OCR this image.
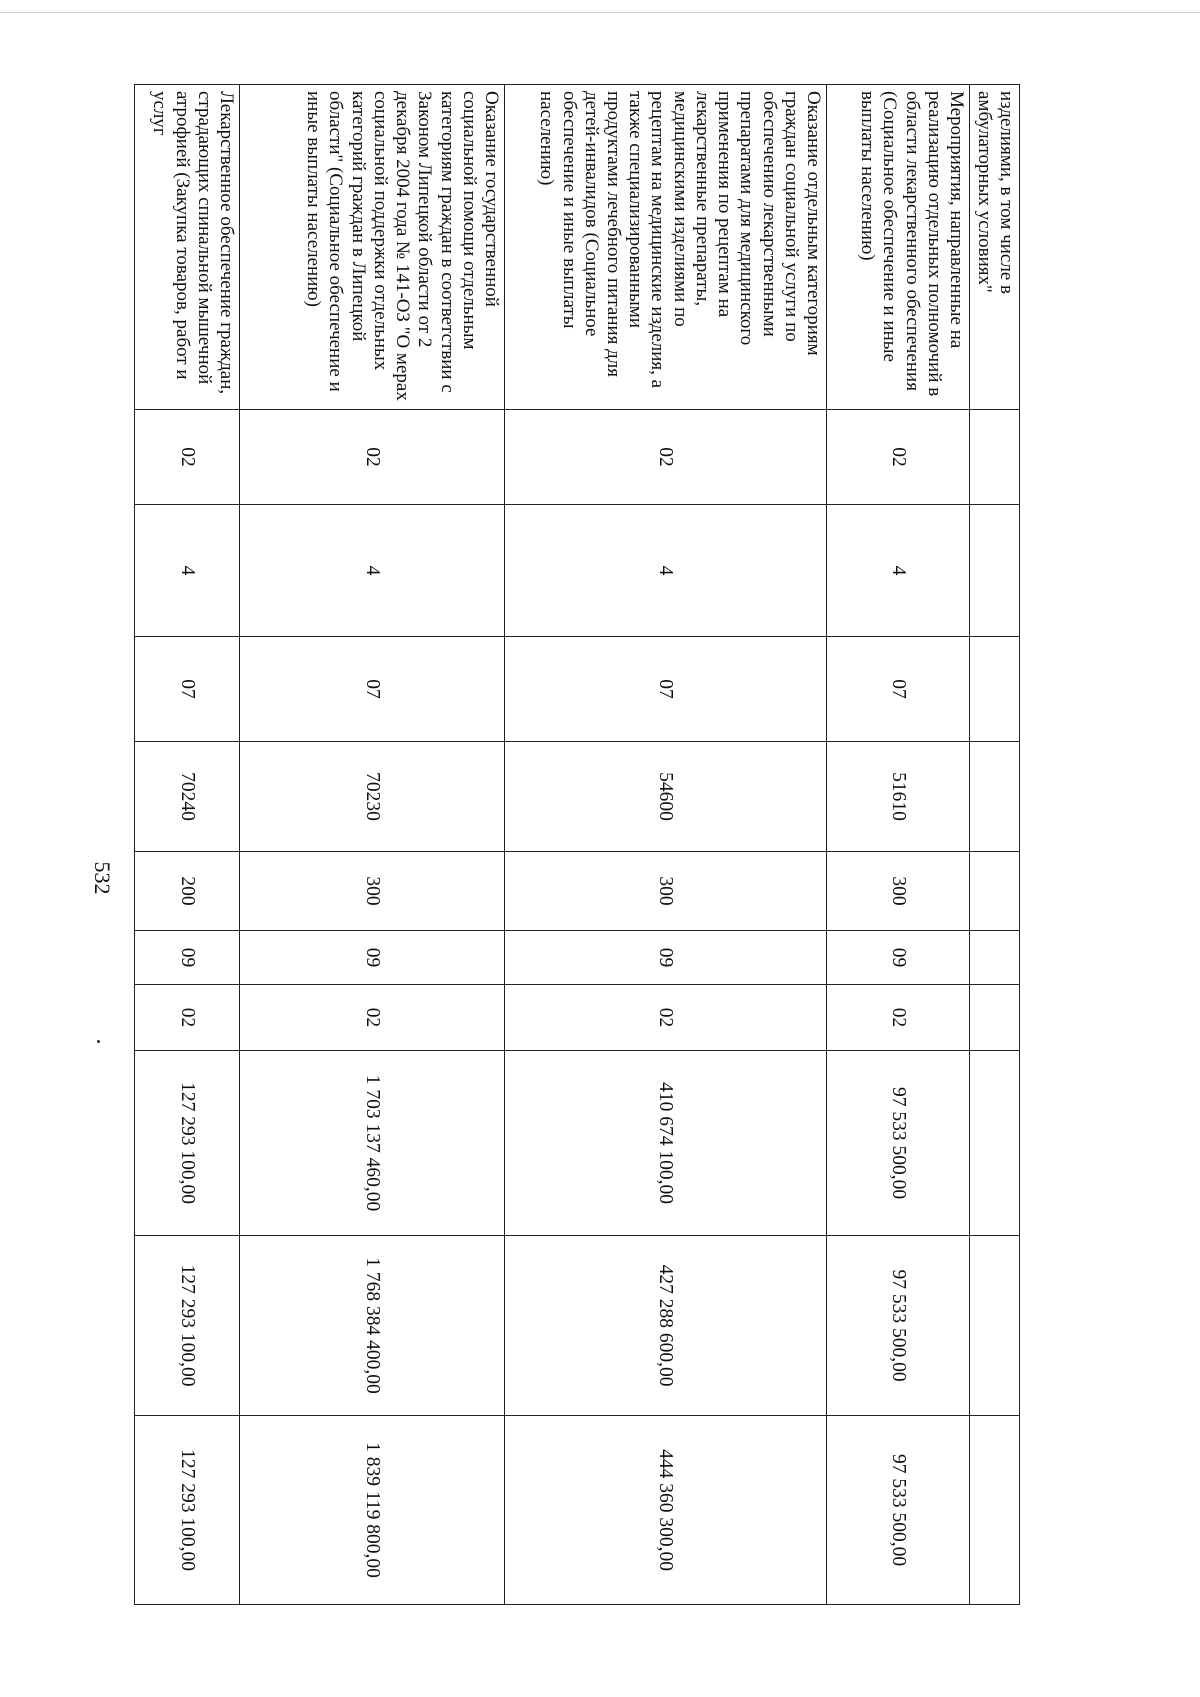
532
изделиями, в том числе в амбулаторных условиях"										
Мероприятия, направленные на реализацию отдельных полномочий в области лекарственного обеспечения (Социальное обеспечение и иные выплаты населению)	02	4	07	51610	300	09	02	97 533 500,00	97 533 500,00	97 533 500,00
Оказание отдельным категориям граждан социальной услуги по обеспечению лекарственными препаратами для медицинского применения по рецептам на лекарственные препараты, медицинскими изделиями по рецептам на медицинские изделия, а также специализированными продуктами лечебного питания для детей-инвалидов (Социальное обеспечение и иные выплаты населению)	02	4	07	54600	300	09	02	410 674 100,00	427 288 600,00	444 360 300,00
Оказание государственной социальной помощи отдельным категориям граждан в соответствии с Законом Липецкой области от 2 декабря 2004 года № 141-ОЗ "О мерах социальной поддержки отдельных категорий граждан в Липецкой области" (Социальное обеспечение и иные выплаты населению)	02	4	07	70230	300	09	02	1 703 137 460,00	1 768 384 400,00	1 839 119 800,00
Лекарственное обеспечение граждан, страдающих спинальной мышечной атрофией (Закупка товаров, работ и услуг	02	4	07	70240	200	09	02	127 293 100,00	127 293 100,00	127 293 100,00
